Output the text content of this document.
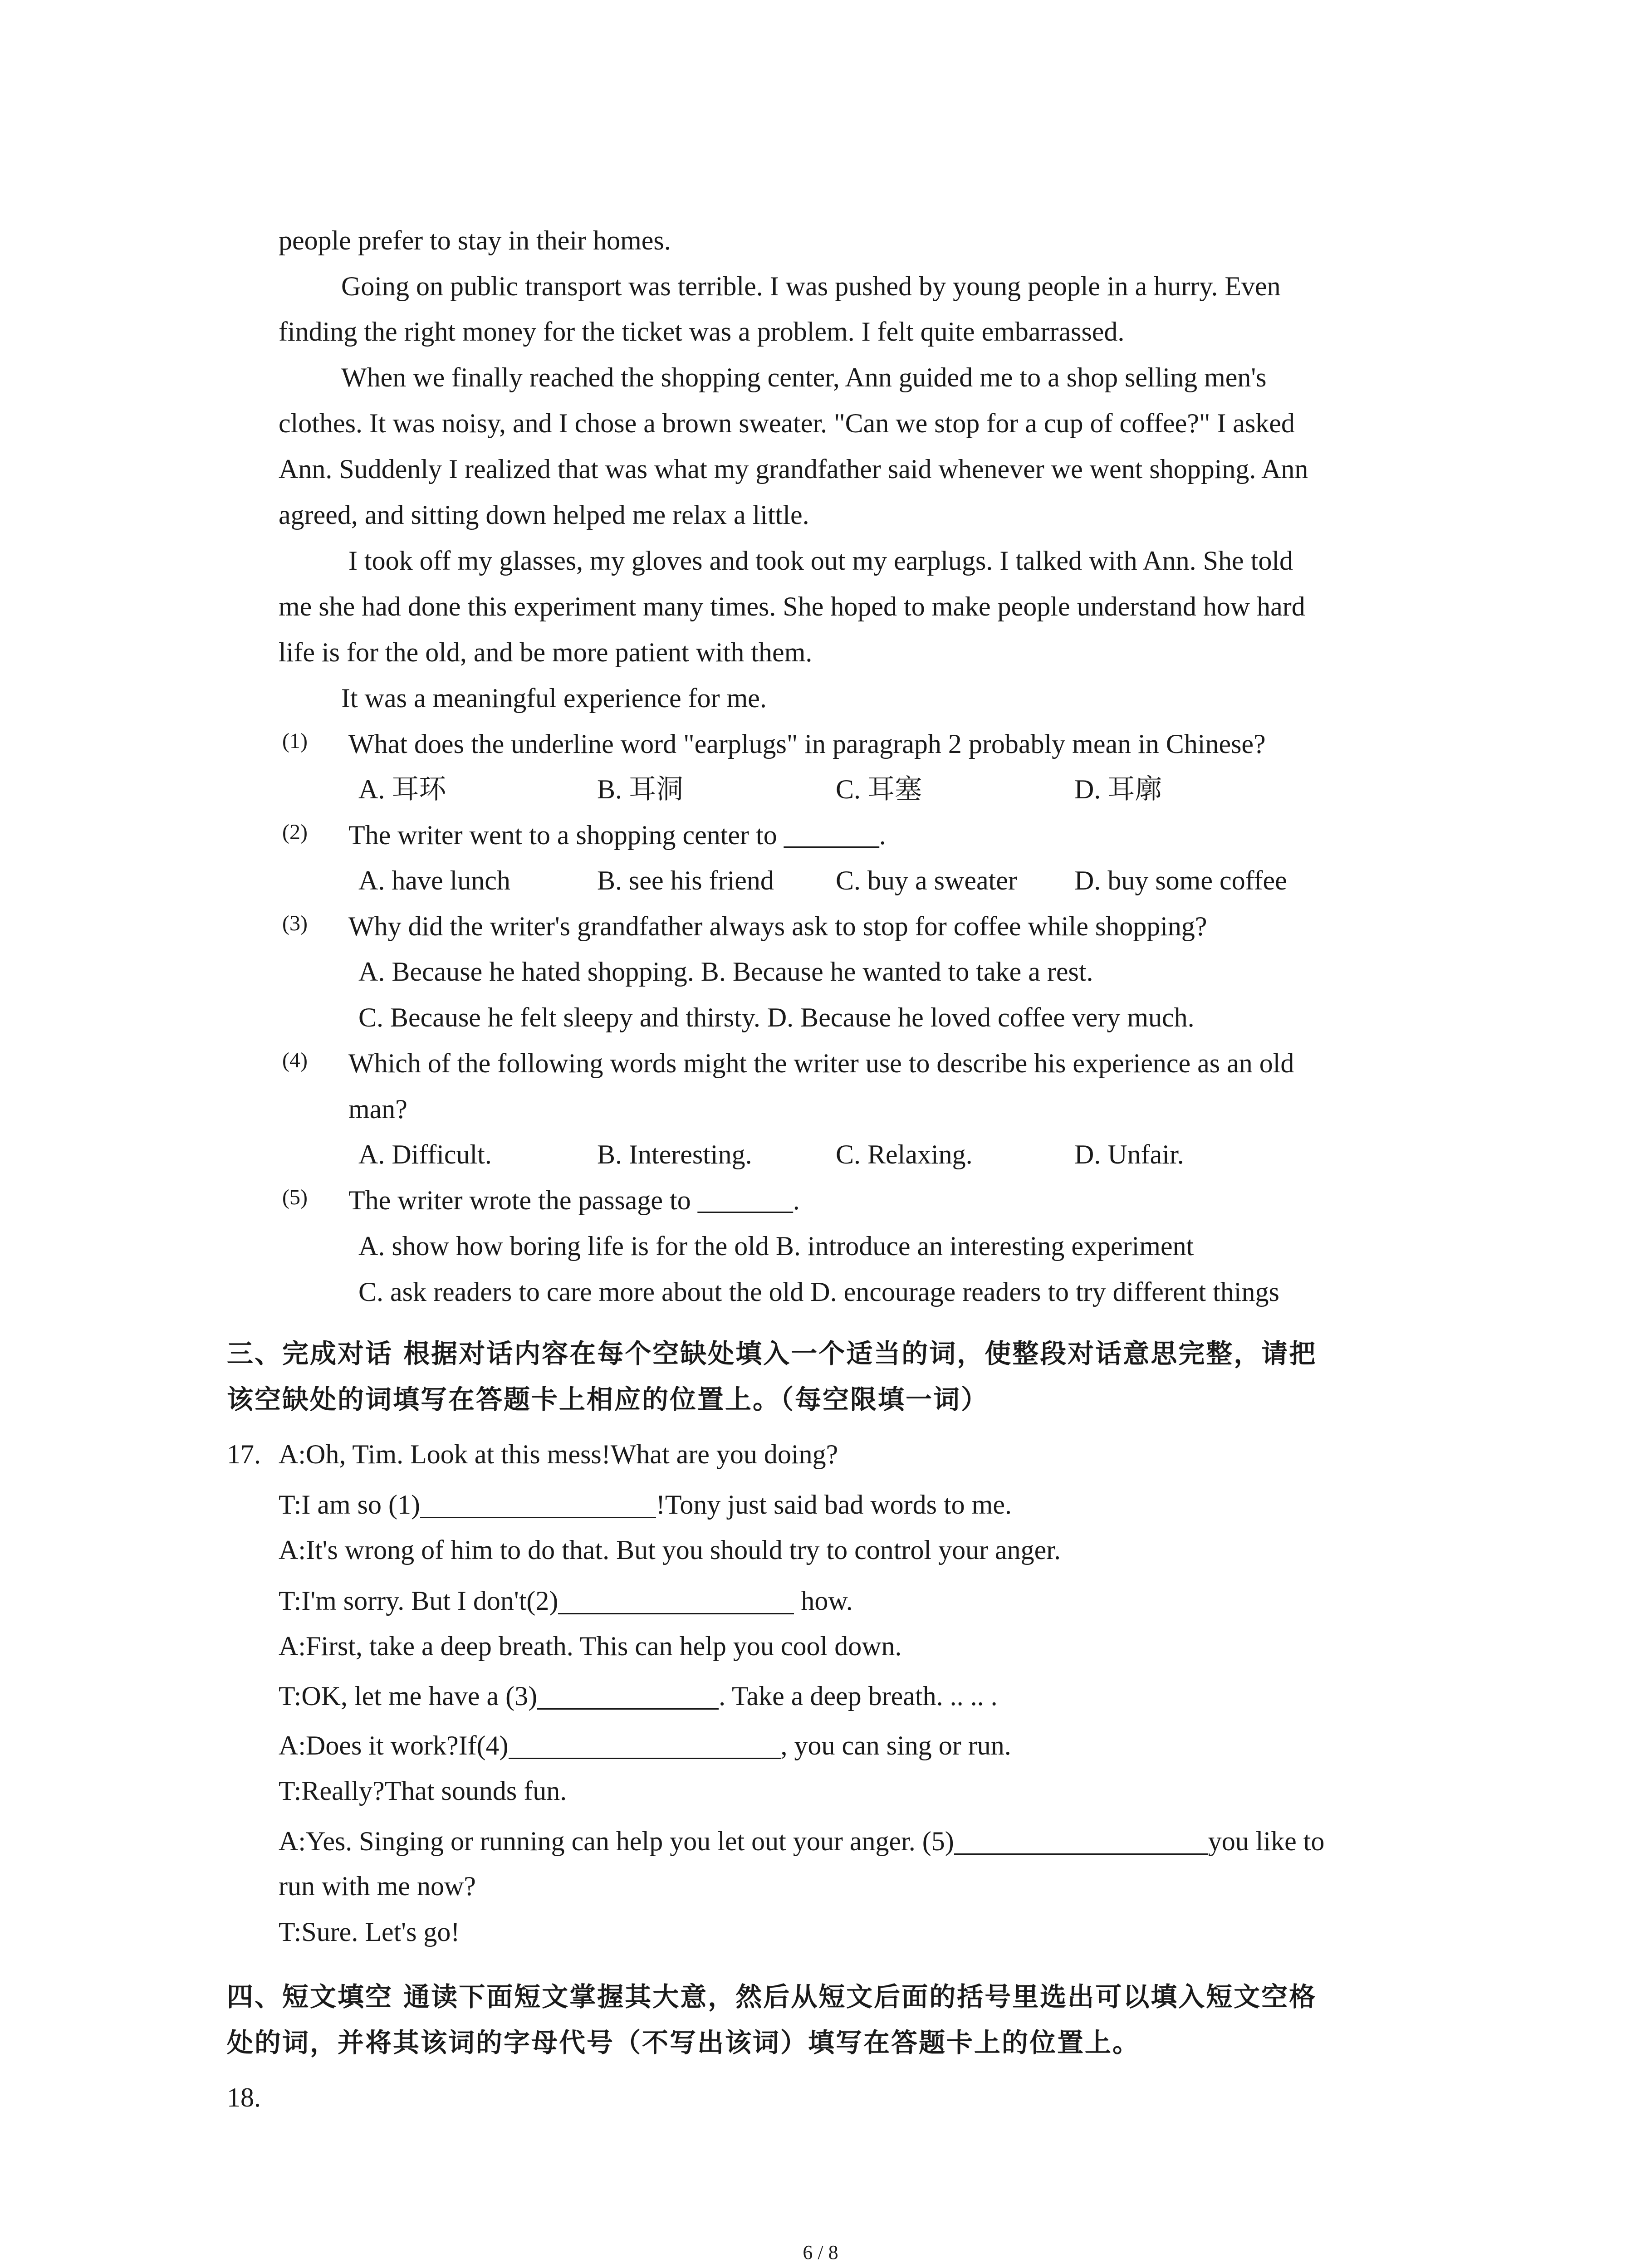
people prefer to stay in their homes.
Going on public transport was terrible. I was pushed by young people in a hurry. Even
finding the right money for the ticket was a problem. I felt quite embarrassed.
When we finally reached the shopping center, Ann guided me to a shop selling men's
clothes. It was noisy, and I chose a brown sweater. "Can we stop for a cup of coffee?" I asked
Ann. Suddenly I realized that was what my grandfather said whenever we went shopping. Ann
agreed, and sitting down helped me relax a little.
I took off my glasses, my gloves and took out my earplugs. I talked with Ann. She told
me she had done this experiment many times. She hoped to make people understand how hard
life is for the old, and be more patient with them.
It was a meaningful experience for me.
(1) What does the underline word "earplugs" in paragraph 2 probably mean in Chinese?
A. 耳环	B. 耳洞	C. 耳塞	D. 耳廓
(2) The writer went to a shopping center to _______.
A. have lunch	B. see his friend C. buy a sweater D. buy some coffee
(3) Why did the writer's grandfather always ask to stop for coffee while shopping?
A. Because he hated shopping. B. Because he wanted to take a rest.
C. Because he felt sleepy and thirsty. D. Because he loved coffee very much.
(4) Which of the following words might the writer use to describe his experience as an old
man?
A. Difficult.	B. Interesting.	C. Relaxing.	D. Unfair.
(5) The writer wrote the passage to _______.
A. show how boring life is for the old B. introduce an interesting experiment
C. ask readers to care more about the old D. encourage readers to try different things
三、完成对话 根据对话内容在每个空缺处填入一个适当的词，使整段对话意思完整，请把
该空缺处的词填写在答题卡上相应的位置上。（每空限填一词）
17. A:Oh, Tim. Look at this mess!What are you doing?
T:I am so (1)	!Tony just said bad words to me.
A:It's wrong of him to do that. But you should try to control your anger.
T:I'm sorry. But I don't(2)	how.
A:First, take a deep breath. This can help you cool down.
T:OK, let me have a (3)	. Take a deep breath. .. .. .
A:Does it work?If(4)	, you can sing or run.
T:Really?That sounds fun.
A:Yes. Singing or running can help you let out your anger. (5)	you like to
run with me now?
T:Sure. Let's go!
四、短文填空 通读下面短文掌握其大意，然后从短文后面的括号里选出可以填入短文空格
处的词，并将其该词的字母代号（不写出该词）填写在答题卡上的位置上。
18.
6 / 8
